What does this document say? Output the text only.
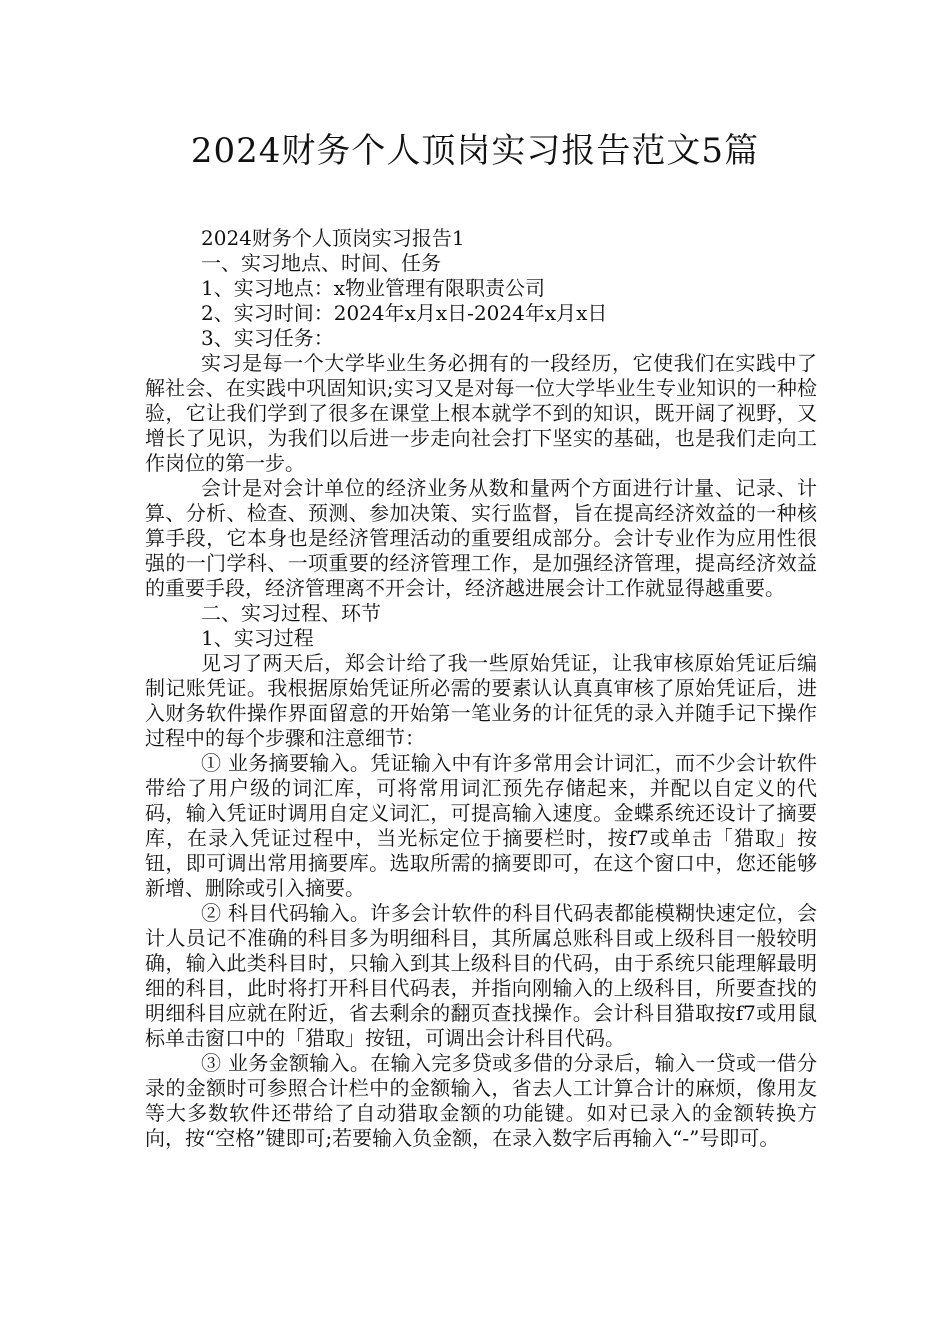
2024财务个人顶岗实习报告范文5篇

2024财务个人顶岗实习报告1

一、实习地点、时间、任务

1、实习地点：x物业管理有限职责公司

2、实习时间：2024年x月x日-2024年x月x日

3、实习任务：

实习是每一个大学毕业生务必拥有的一段经历，它使我们在实践中了解社会、在实践中巩固知识;实习又是对每一位大学毕业生专业知识的一种检验，它让我们学到了很多在课堂上根本就学不到的知识，既开阔了视野，又增长了见识，为我们以后进一步走向社会打下坚实的基础，也是我们走向工作岗位的第一步。

会计是对会计单位的经济业务从数和量两个方面进行计量、记录、计算、分析、检查、预测、参加决策、实行监督，旨在提高经济效益的一种核算手段，它本身也是经济管理活动的重要组成部分。会计专业作为应用性很强的一门学科、一项重要的经济管理工作，是加强经济管理，提高经济效益的重要手段，经济管理离不开会计，经济越进展会计工作就显得越重要。

二、实习过程、环节

1、实习过程

见习了两天后，郑会计给了我一些原始凭证，让我审核原始凭证后编制记账凭证。我根据原始凭证所必需的要素认认真真审核了原始凭证后，进入财务软件操作界面留意的开始第一笔业务的计征凭的录入并随手记下操作过程中的每个步骤和注意细节：

① 业务摘要输入。凭证输入中有许多常用会计词汇，而不少会计软件带给了用户级的词汇库，可将常用词汇预先存储起来，并配以自定义的代码，输入凭证时调用自定义词汇，可提高输入速度。金蝶系统还设计了摘要库，在录入凭证过程中，当光标定位于摘要栏时，按f7或单击「猎取」按钮，即可调出常用摘要库。选取所需的摘要即可，在这个窗口中，您还能够新增、删除或引入摘要。

② 科目代码输入。许多会计软件的科目代码表都能模糊快速定位，会计人员记不准确的科目多为明细科目，其所属总账科目或上级科目一般较明确，输入此类科目时，只输入到其上级科目的代码，由于系统只能理解最明细的科目，此时将打开科目代码表，并指向刚输入的上级科目，所要查找的明细科目应就在附近，省去剩余的翻页查找操作。会计科目猎取按f7或用鼠标单击窗口中的「猎取」按钮，可调出会计科目代码。

③ 业务金额输入。在输入完多贷或多借的分录后，输入一贷或一借分录的金额时可参照合计栏中的金额输入，省去人工计算合计的麻烦，像用友等大多数软件还带给了自动猎取金额的功能键。如对已录入的金额转换方向，按“空格”键即可;若要输入负金额，在录入数字后再输入“-”号即可。
